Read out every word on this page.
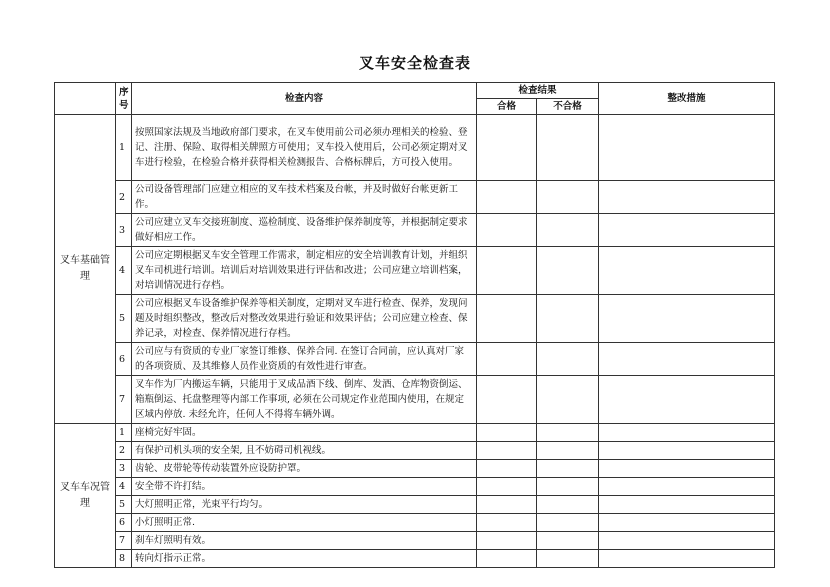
叉车安全检查表
	序号	检查内容	检查结果		整改措施
			合格	不合格	
叉车基础管理	1	按照国家法规及当地政府部门要求，在叉车使用前公司必须办理相关的检验、登记、注册、保险、取得相关牌照方可使用；叉车投入使用后，公司必须定期对叉车进行检验，在检验合格并获得相关检测报告、合格标牌后，方可投入使用。			
	2	公司设备管理部门应建立相应的叉车技术档案及台帐，并及时做好台帐更新工作。			
	3	公司应建立叉车交接班制度、巡检制度、设备维护保养制度等，并根据制定要求做好相应工作。			
	4	公司应定期根据叉车安全管理工作需求，制定相应的安全培训教育计划，并组织叉车司机进行培训。培训后对培训效果进行评估和改进；公司应建立培训档案，对培训情况进行存档。			
	5	公司应根据叉车设备维护保养等相关制度，定期对叉车进行检查、保养，发现问题及时组织整改，整改后对整改效果进行验证和效果评估；公司应建立检查、保养记录，对检查、保养情况进行存档。			
	6	公司应与有资质的专业厂家签订维修、保养合同. 在签订合同前，应认真对厂家的各项资质、及其维修人员作业资质的有效性进行审查。			
	7	叉车作为厂内搬运车辆，只能用于叉成品酒下线、倒库、发酒、仓库物资倒运、箱瓶倒运、托盘整理等内部工作事项, 必须在公司规定作业范围内使用，在规定区域内停放. 未经允许，任何人不得将车辆外调。			
叉车车况管理	1	座椅完好牢固。			
	2	有保护司机头项的安全架, 且不妨碍司机视线。			
	3	齿轮、皮带轮等传动装置外应设防护罩。			
	4	安全带不许打结。			
	5	大灯照明正常，光束平行均匀。			
	6	小灯照明正常.			
	7	刹车灯照明有效。			
	8	转向灯指示正常。			
